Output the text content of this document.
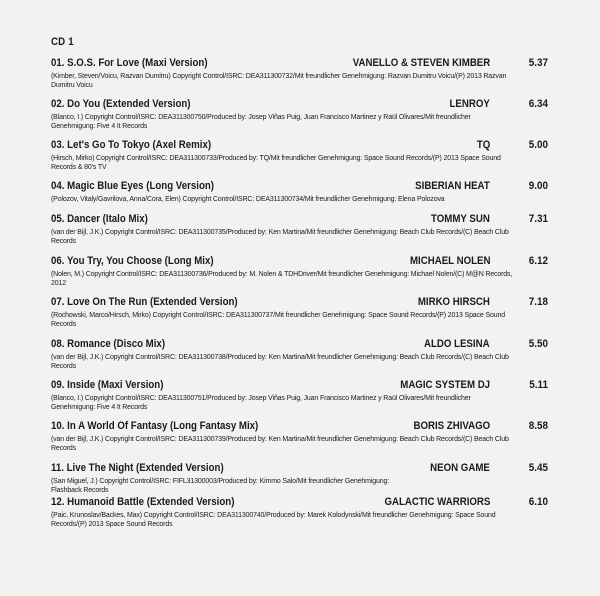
CD 1
01. S.O.S. For Love (Maxi Version)	VANELLO & STEVEN KIMBER	5.37
(Kimber, Steven/Voicu, Razvan Dumitru) Copyright Control/ISRC: DEA311300732/Mit freundlicher Genehmigung: Razvan Dumitru Voicu/(P) 2013 Razvan
Dumitru Voicu
02. Do You (Extended Version)	LENROY	6.34
(Blanco, I.) Copyright Control/ISRC: DEA311300750/Produced by: Josep Viñas Puig, Juan Francisco Martinez y Raül Olivares/Mit freundlicher
Genehmigung: Five 4 It Records
03. Let's Go To Tokyo (Axel Remix)	TQ	5.00
(Hirsch, Mirko) Copyright Control/ISRC: DEA311300733/Produced by: TQ/Mit freundlicher Genehmigung: Space Sound Records/(P) 2013 Space Sound
Records & 80's TV
04. Magic Blue Eyes (Long Version)	SIBERIAN HEAT	9.00
(Polozov, Vitaly/Gavrilova, Anna/Cora, Elen) Copyright Control/ISRC: DEA311300734/Mit freundlicher Genehmigung: Elena Polozova
05. Dancer (Italo Mix)	TOMMY SUN	7.31
(van der Bijl, J.K.) Copyright Control/ISRC: DEA311300735/Produced by: Ken Martina/Mit freundlicher Genehmigung: Beach Club Records/(C) Beach Club
Records
06. You Try, You Choose (Long Mix)	MICHAEL NOLEN	6.12
(Nolen, M.) Copyright Control/ISRC: DEA311300736/Produced by: M. Nolen & TDHDriver/Mit freundlicher Genehmigung: Michael Nolen/(C) M@N Records,
2012
07. Love On The Run (Extended Version)	MIRKO HIRSCH	7.18
(Rochowski, Marco/Hirsch, Mirko) Copyright Control/ISRC: DEA311300737/Mit freundlicher Genehmigung: Space Sound Records/(P) 2013 Space Sound
Records
08. Romance (Disco Mix)	ALDO LESINA	5.50
(van der Bijl, J.K.) Copyright Control/ISRC: DEA311300738/Produced by: Ken Martina/Mit freundlicher Genehmigung: Beach Club Records/(C) Beach Club
Records
09. Inside (Maxi Version)	MAGIC SYSTEM DJ	5.11
(Blanco, I.) Copyright Control/ISRC: DEA311300751/Produced by: Josep Viñas Puig, Juan Francisco Martinez y Raül Olivares/Mit freundlicher
Genehmigung: Five 4 It Records
10. In A World Of Fantasy (Long Fantasy Mix)	BORIS ZHIVAGO	8.58
(van der Bijl, J.K.) Copyright Control/ISRC: DEA311300739/Produced by: Ken Martina/Mit freundlicher Genehmigung: Beach Club Records/(C) Beach Club
Records
11. Live The Night (Extended Version)	NEON GAME	5.45
(San Miguel, J.) Copyright Control/ISRC: FIFL31300003/Produced by: Kimmo Salo/Mit freundlicher Genehmigung:
Flashback Records
12. Humanoid Battle (Extended Version)	GALACTIC WARRIORS	6.10
(Paic, Krunoslav/Backes, Max) Copyright Control/ISRC: DEA311300740/Produced by: Marek Kolodynski/Mit freundlicher Genehmigung: Space Sound
Records/(P) 2013 Space Sound Records
